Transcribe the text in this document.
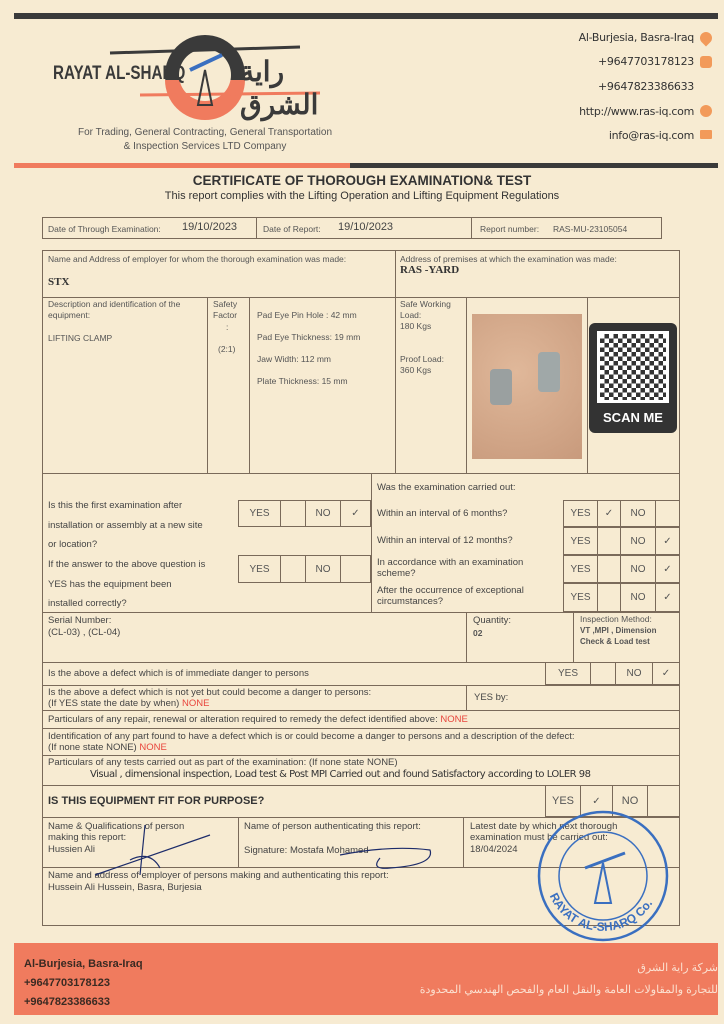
RAYAT AL-SHARQ راية الشرق
For Trading, General Contracting, General Transportation
& Inspection Services LTD Company
Al-Burjesia, Basra-Iraq
+9647703178123
+9647823386633
http://www.ras-iq.com
info@ras-iq.com
CERTIFICATE OF THOROUGH EXAMINATION& TEST
This report complies with the Lifting Operation and Lifting Equipment Regulations
Date of Through Examination: 19/10/2023	Date of Report: 19/10/2023	Report number: RAS-MU-23105054
Name and Address of employer for whom the thorough examination was made:
STX
Address of premises at which the examination was made:
RAS -YARD
Description and identification of the equipment:
LIFTING CLAMP
Safety Factor
:
(2:1)
Pad Eye Pin Hole : 42 mm
Pad Eye Thickness: 19 mm
Jaw Width: 112 mm
Plate Thickness: 15 mm
Safe Working Load:
180 Kgs
Proof Load:
360 Kgs
SCAN ME
Is this the first examination after
installation or assembly at a new site
or location?
YES	NO	✓
If the answer to the above question is
YES has the equipment been
installed correctly?
YES	NO
Was the examination carried out:
Within an interval of 6 months?	YES	✓	NO
Within an interval of 12 months?	YES	NO	✓
In accordance with an examination scheme?	YES	NO	✓
After the occurrence of exceptional circumstances?	YES	NO	✓
Serial Number:
(CL-03) , (CL-04)
Quantity:
02
Inspection Method:
VT ,MPI , Dimension Check & Load test
Is the above a defect which is of immediate danger to persons	YES	NO	✓
Is the above a defect which is not yet but could become a danger to persons:
(If YES state the date by when) NONE
YES by:
Particulars of any repair, renewal or alteration required to remedy the defect identified above: NONE
Identification of any part found to have a defect which is or could become a danger to persons and a description of the defect:
(If none state NONE) NONE
Particulars of any tests carried out as part of the examination: (If none state NONE)
Visual , dimensional inspection, Load test & Post MPI Carried out and found Satisfactory according to LOLER 98
IS THIS EQUIPMENT FIT FOR PURPOSE?	YES	✓	NO
Name & Qualifications of person
making this report:
Hussien Ali
Name of person authenticating this report:
Signature: Mostafa Mohamed
Latest date by which next thorough
examination must be carried out:
18/04/2024
Name and address of employer of persons making and authenticating this report:
Hussein Ali Hussein, Basra, Burjesia
RAYAT AL-SHARQ Co.
Al-Burjesia, Basra-Iraq
+9647703178123
+9647823386633
شركة راية الشرق
للتجارة والمقاولات العامة والنقل العام والفحص الهندسي المحدودة
